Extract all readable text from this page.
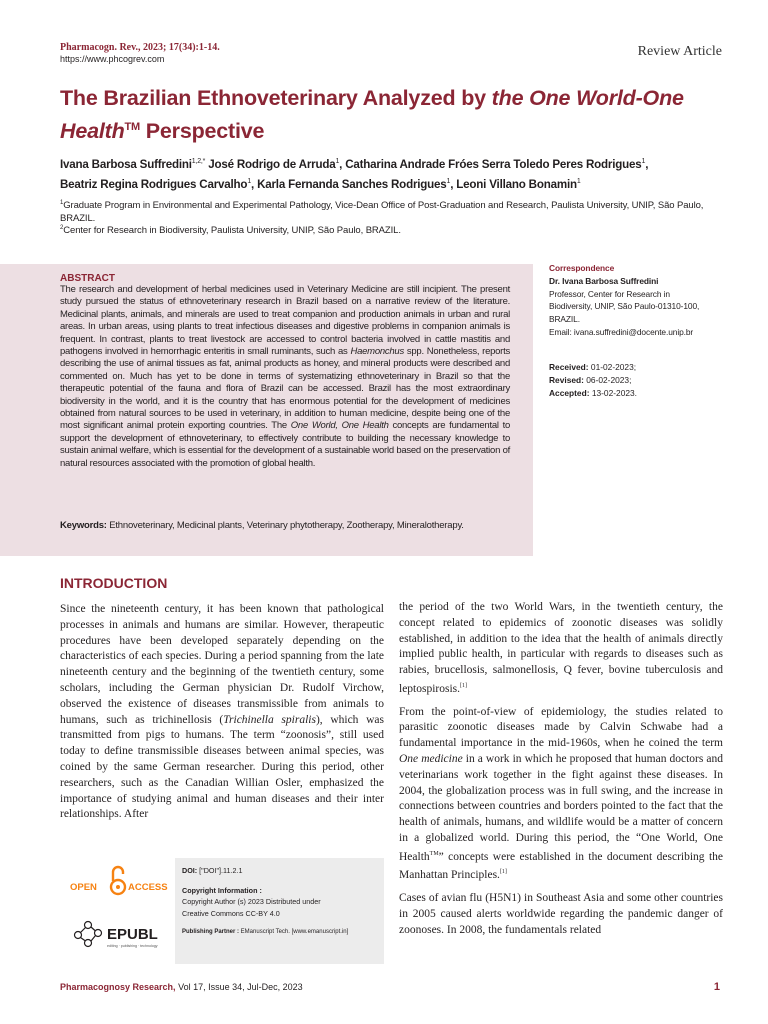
Pharmacogn. Rev., 2023; 17(34):1-14.
https://www.phcogrev.com	Review Article
The Brazilian Ethnoveterinary Analyzed by the One World-One Health™ Perspective
Ivana Barbosa Suffredini$^{1,2,*}$ José Rodrigo de Arruda$^1$, Catharina Andrade Fróes Serra Toledo Peres Rodrigues$^1$,
Beatriz Regina Rodrigues Carvalho$^1$, Karla Fernanda Sanches Rodrigues$^1$, Leoni Villano Bonamin$^1$
$^1$Graduate Program in Environmental and Experimental Pathology, Vice-Dean Office of Post-Graduation and Research, Paulista University, UNIP, São Paulo, BRAZIL.
$^2$Center for Research in Biodiversity, Paulista University, UNIP, São Paulo, BRAZIL.
ABSTRACT
The research and development of herbal medicines used in Veterinary Medicine are still incipient. The present study pursued the status of ethnoveterinary research in Brazil based on a narrative review of the literature. Medicinal plants, animals, and minerals are used to treat companion and production animals in urban and rural areas. In urban areas, using plants to treat infectious diseases and digestive problems in companion animals is frequent. In contrast, plants to treat livestock are accessed to control bacteria involved in cattle mastitis and pathogens involved in hemorrhagic enteritis in small ruminants, such as Haemonchus spp. Nonetheless, reports describing the use of animal tissues as fat, animal products as honey, and mineral products were described and commented on. Much has yet to be done in terms of systematizing ethnoveterinary in Brazil so that the therapeutic potential of the fauna and flora of Brazil can be accessed. Brazil has the most extraordinary biodiversity in the world, and it is the country that has enormous potential for the development of medicines obtained from natural sources to be used in veterinary, in addition to human medicine, despite being one of the most significant animal protein exporting countries. The One World, One Health concepts are fundamental to support the development of ethnoveterinary, to effectively contribute to building the necessary knowledge to sustain animal welfare, which is essential for the development of a sustainable world based on the preservation of natural resources associated with the promotion of global health.
Keywords: Ethnoveterinary, Medicinal plants, Veterinary phytotherapy, Zootherapy, Mineralotherapy.
Correspondence
Dr. Ivana Barbosa Suffredini
Professor, Center for Research in
Biodiversity, UNIP, São Paulo-01310-100,
BRAZIL.
Email: ivana.suffredini@docente.unip.br
Received: 01-02-2023;
Revised: 06-02-2023;
Accepted: 13-02-2023.
INTRODUCTION

Since the nineteenth century, it has been known that pathological processes in animals and humans are similar. However, therapeutic procedures have been developed separately depending on the characteristics of each species. During a period spanning from the late nineteenth century and the beginning of the twentieth century, some scholars, including the German physician Dr. Rudolf Virchow, observed the existence of diseases transmissible from animals to humans, such as trichinellosis (Trichinella spiralis), which was transmitted from pigs to humans. The term “zoonosis”, still used today to define transmissible diseases between animal species, was coined by the same German researcher. During this period, other researchers, such as the Canadian Willian Osler, emphasized the importance of studying animal and human diseases and their inter relationships. After

the period of the two World Wars, in the twentieth century, the concept related to epidemics of zoonotic diseases was solidly established, in addition to the idea that the health of animals directly implied public health, in particular with regards to diseases such as rabies, brucellosis, salmonellosis, Q fever, bovine tuberculosis and leptospirosis.[1]

From the point-of-view of epidemiology, the studies related to parasitic zoonotic diseases made by Calvin Schwabe had a fundamental importance in the mid-1960s, when he coined the term One medicine in a work in which he proposed that human doctors and veterinarians work together in the fight against these diseases. In 2004, the globalization process was in full swing, and the increase in connections between countries and borders pointed to the fact that the health of animals, humans, and wildlife would be a matter of concern in a globalized world. During this period, the “One World, One Health™” concepts were established in the document describing the Manhattan Principles.[1]

Cases of avian flu (H5N1) in Southeast Asia and some other countries in 2005 caused alerts worldwide regarding the pandemic danger of zoonoses. In 2008, the fundamentals related

OPEN	ACCESS
EPUBL
editing · publishing · technology
DOI: ["DOI"].11.2.1
Copyright Information :
Copyright Author (s) 2023 Distributed under
Creative Commons CC-BY 4.0
Publishing Partner : EManuscript Tech. [www.emanuscript.in]
Pharmacognosy Research, Vol 17, Issue 34, Jul-Dec, 2023	1
